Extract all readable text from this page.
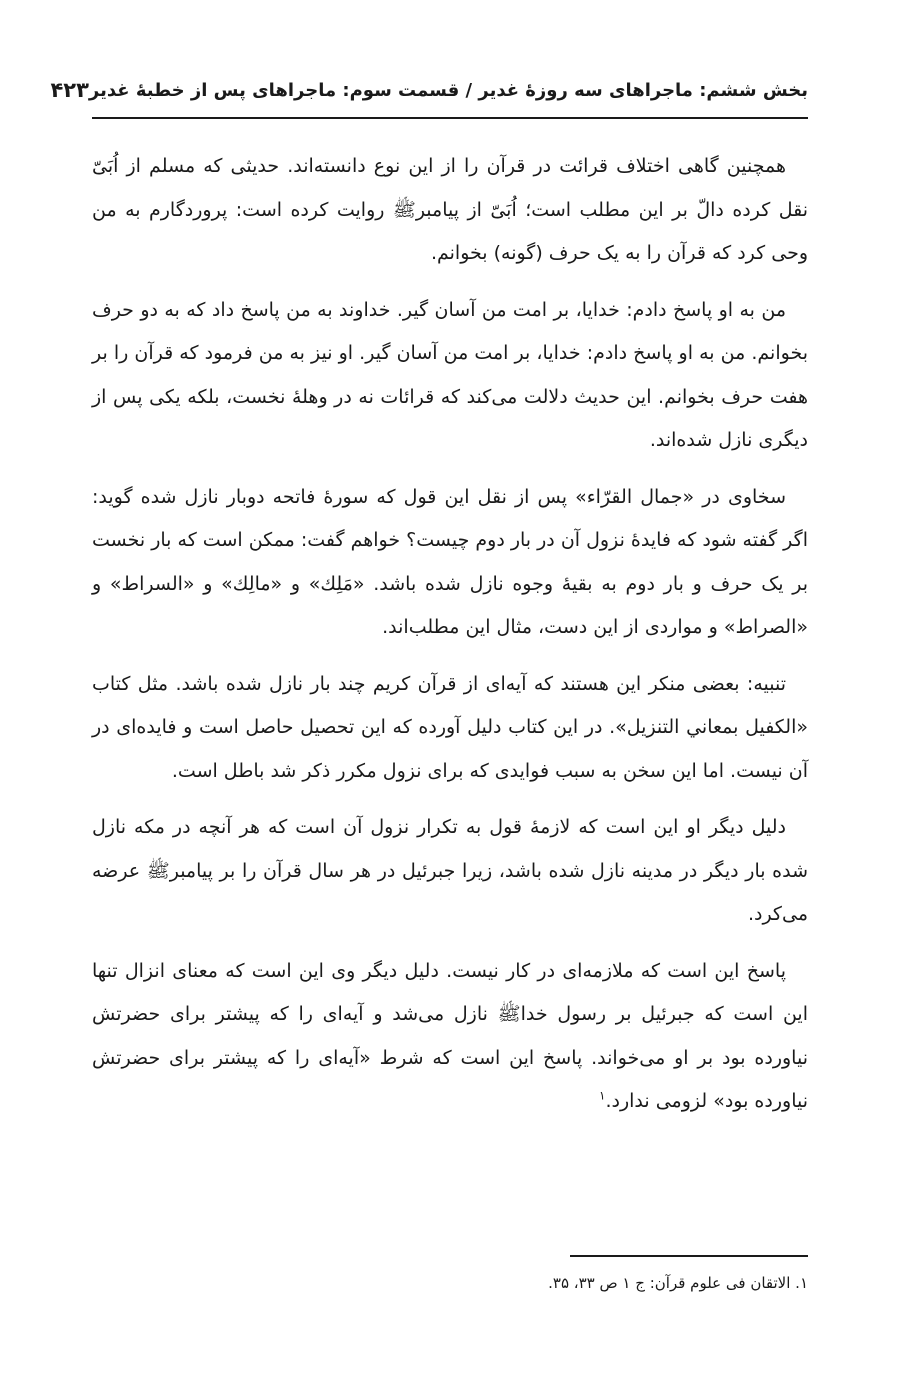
بخش ششم: ماجراهای سه روزهٔ غدیر / قسمت سوم: ماجراهای پس از خطبهٔ غدیر
۴۲۳

همچنین گاهی اختلاف قرائت در قرآن را از این نوع دانسته‌اند. حدیثی که مسلم از اُبَیّ نقل کرده دالّ بر این مطلب است؛ اُبَیّ از پیامبرﷺ روایت کرده است: پروردگارم به من وحی کرد که قرآن را به یک حرف (گونه) بخوانم.

من به او پاسخ دادم: خدایا، بر امت من آسان گیر. خداوند به من پاسخ داد که به دو حرف بخوانم. من به او پاسخ دادم: خدایا، بر امت من آسان گیر. او نیز به من فرمود که قرآن را بر هفت حرف بخوانم. این حدیث دلالت می‌کند که قرائات نه در وهلهٔ نخست، بلکه یکی پس از دیگری نازل شده‌اند.

سخاوی در «جمال القرّاء» پس از نقل این قول که سورهٔ فاتحه دوبار نازل شده گوید: اگر گفته شود که فایدهٔ نزول آن در بار دوم چیست؟ خواهم گفت: ممکن است که بار نخست بر یک حرف و بار دوم به بقیهٔ وجوه نازل شده باشد. «مَلِك» و «مالِك» و «السراط» و «الصراط» و مواردی از این دست، مثال این مطلب‌اند.

تنبیه: بعضی منکر این هستند که آیه‌ای از قرآن کریم چند بار نازل شده باشد. مثل کتاب «الكفيل بمعاني التنزيل». در این کتاب دلیل آورده که این تحصیل حاصل است و فایده‌ای در آن نیست. اما این سخن به سبب فوایدی که برای نزول مکرر ذکر شد باطل است.

دلیل دیگر او این است که لازمهٔ قول به تکرار نزول آن است که هر آنچه در مکه نازل شده بار دیگر در مدینه نازل شده باشد، زیرا جبرئیل در هر سال قرآن را بر پیامبرﷺ عرضه می‌کرد.

پاسخ این است که ملازمه‌ای در کار نیست. دلیل دیگر وی این است که معنای انزال تنها این است که جبرئیل بر رسول خداﷺ نازل می‌شد و آیه‌ای را که پیشتر برای حضرتش نیاورده بود بر او می‌خواند. پاسخ این است که شرط «آیه‌ای را که پیشتر برای حضرتش نیاورده بود» لزومی ندارد.$^۱$

۱. الاتقان فی علوم قرآن: ج ۱ ص ۳۳، ۳۵.
